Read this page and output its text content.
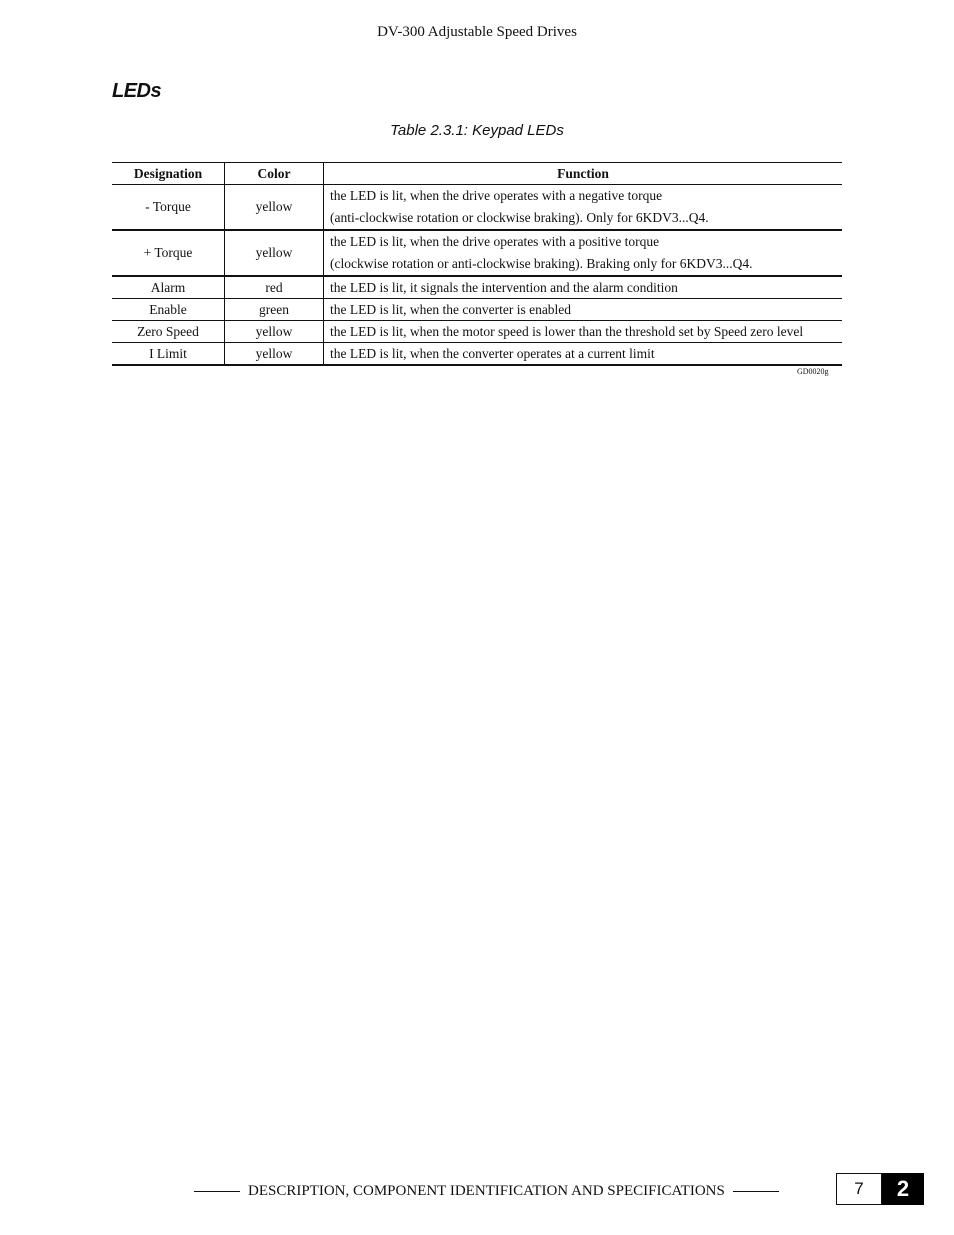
DV-300 Adjustable Speed Drives
LEDs
Table 2.3.1: Keypad LEDs
Designation	Color	Function
- Torque	yellow	the LED is lit, when the drive operates with a negative torque
(anti-clockwise rotation or clockwise braking). Only for 6KDV3...Q4.

+ Torque	yellow	the LED is lit, when the drive operates with a positive torque
(clockwise rotation or anti-clockwise braking). Braking only for 6KDV3...Q4.

Alarm	red	the LED is lit, it signals the intervention and the alarm condition
Enable	green	the LED is lit, when the converter is enabled
Zero Speed	yellow	the LED is lit, when the motor speed is lower than the threshold set by Speed zero level
I Limit	yellow	the LED is lit, when the converter operates at a current limit
GD0020g
DESCRIPTION, COMPONENT IDENTIFICATION AND SPECIFICATIONS	7	2
